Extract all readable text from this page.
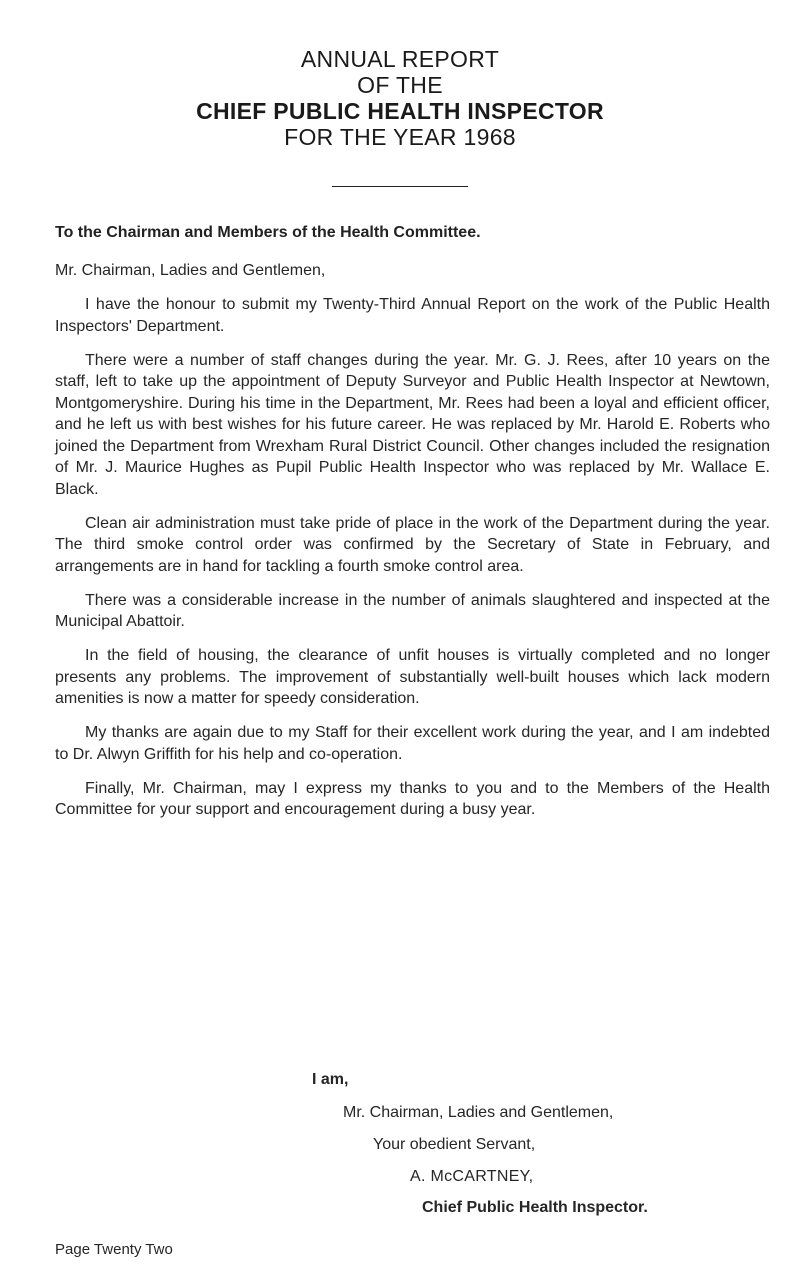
ANNUAL REPORT
OF THE
CHIEF PUBLIC HEALTH INSPECTOR
FOR THE YEAR 1968
To the Chairman and Members of the Health Committee.
Mr. Chairman, Ladies and Gentlemen,

I have the honour to submit my Twenty-Third Annual Report on the work of the Public Health Inspectors' Department.

There were a number of staff changes during the year. Mr. G. J. Rees, after 10 years on the staff, left to take up the appointment of Deputy Surveyor and Public Health Inspector at Newtown, Montgomeryshire. During his time in the Department, Mr. Rees had been a loyal and efficient officer, and he left us with best wishes for his future career. He was replaced by Mr. Harold E. Roberts who joined the Department from Wrexham Rural District Council. Other changes included the resignation of Mr. J. Maurice Hughes as Pupil Public Health Inspector who was replaced by Mr. Wallace E. Black.

Clean air administration must take pride of place in the work of the Department during the year. The third smoke control order was confirmed by the Secretary of State in February, and arrangements are in hand for tackling a fourth smoke control area.

There was a considerable increase in the number of animals slaughtered and inspected at the Municipal Abattoir.

In the field of housing, the clearance of unfit houses is virtually completed and no longer presents any problems. The improvement of substantially well-built houses which lack modern amenities is now a matter for speedy consideration.

My thanks are again due to my Staff for their excellent work during the year, and I am indebted to Dr. Alwyn Griffith for his help and co-operation.

Finally, Mr. Chairman, may I express my thanks to you and to the Members of the Health Committee for your support and encouragement during a busy year.

I am,
Mr. Chairman, Ladies and Gentlemen,
Your obedient Servant,
A. McCARTNEY,
Chief Public Health Inspector.
Page Twenty Two
